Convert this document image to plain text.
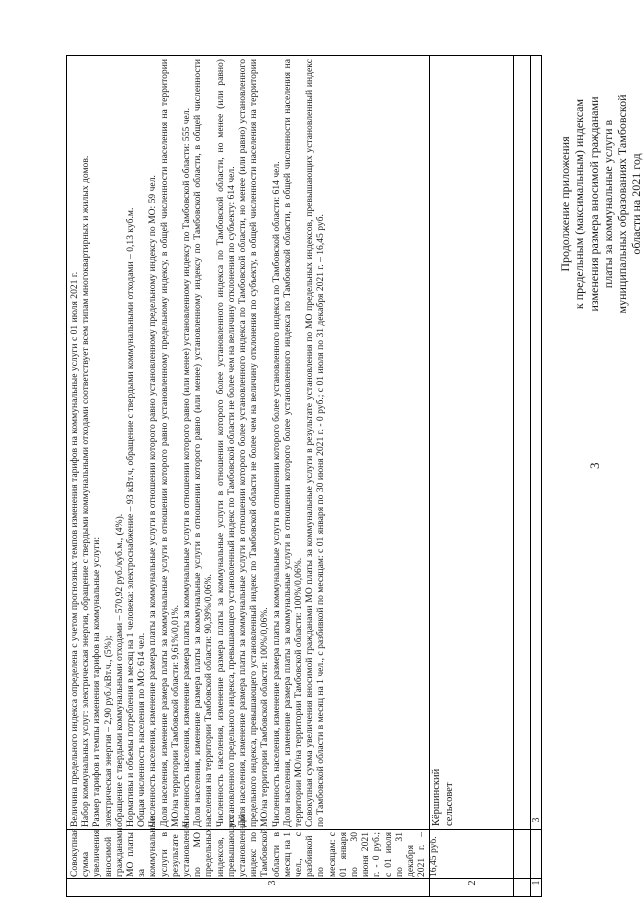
3
Продолжение приложения к предельным (максимальным) индексам изменения размера вносимой гражданами платы за коммунальные услуги в муниципальных образованиях Тамбовской области на 2021 год
1
2
3
Совокупная сумма увеличения вносимой гражданами МО платы за коммунальные услуги в результате установления по МО предельных индексов, превышающих установленный индекс по Тамбовской области в месяц на 1 чел., с разбивкой по месяцам: с 01 января по 30 июня 2021 г. - 0 руб.; с 01 июля по 31 декабря 2021 г. – 16,45 руб.
3
Кёршинский сельсовет

Величина предельного индекса определена с учетом прогнозных темпов изменения тарифов на коммунальные услуги с 01 июля 2021 г. Набор коммунальных услуг: электрическая энергия, обращение с твердыми коммунальными отходами соответствует всем типам многоквартирных и жилых домов. Размер тарифов и темпы изменения тарифов на коммунальные услуги: электрическая энергия – 2,90 руб./кВт.ч., (5%); обращение с твердыми коммунальными отходами – 570,92 руб./куб.м., (4%). Нормативы и объемы потребления в месяц на 1 человека: электроснабжение – 93 кВт.ч, обращение с твердыми коммунальными отходами – 0,13 куб.м. Общая численность населения по МО: 614 чел. Численность населения, изменение размера платы за коммунальные услуги в отношении которого равно установленному предельному индексу по МО: 59 чел. Доля населения, изменение размера платы за коммунальные услуги в отношении которого равно установленному предельному индексу, в общей численности населения на территории МО/на территории Тамбовской области: 9,61%/0,01%. Численность населения, изменение размера платы за коммунальные услуги в отношении которого равно (или менее) установленному индексу по Тамбовской области: 555 чел. Доля населения, изменение размера платы за коммунальные услуги в отношении которого равно (или менее) установленному индексу по Тамбовской области, в общей численности населения на территории Тамбовской области: 90,39%/0,06%. Численность населения, изменение размера платы за коммунальные услуги в отношении которого более установленного индекса по Тамбовской области, но менее (или равно) установленного предельного индекса, превышающего установленный индекс по Тамбовской области не более чем на величину отклонения по субъекту: 614 чел. Доля населения, изменение размера платы за коммунальные услуги в отношении которого более установленного индекса по Тамбовской области, но менее (или равно) установленного предельного индекса, превышающего установленный индекс по Тамбовской области не более чем на величину отклонения по субъекту, в общей численности населения на территории МО/на территории Тамбовской области: 100%/0,06%. Численность населения, изменение размера платы за коммунальные услуги в отношении которого более установленного индекса по Тамбовской области: 614 чел. Доля населения, изменение размера платы за коммунальные услуги в отношении которого более установленного индекса по Тамбовской области, в общей численности населения на территории МО/на территории Тамбовской области: 100%/0,06%. Совокупная сумма увеличения вносимой гражданами МО платы за коммунальные услуги в результате установления по МО предельных индексов, превышающих установленный индекс по Тамбовской области в месяц на 1 чел., с разбивкой по месяцам: с 01 января по 30 июня 2021 г. - 0 руб.; с 01 июля по 31 декабря 2021 г. – 16,45 руб.
